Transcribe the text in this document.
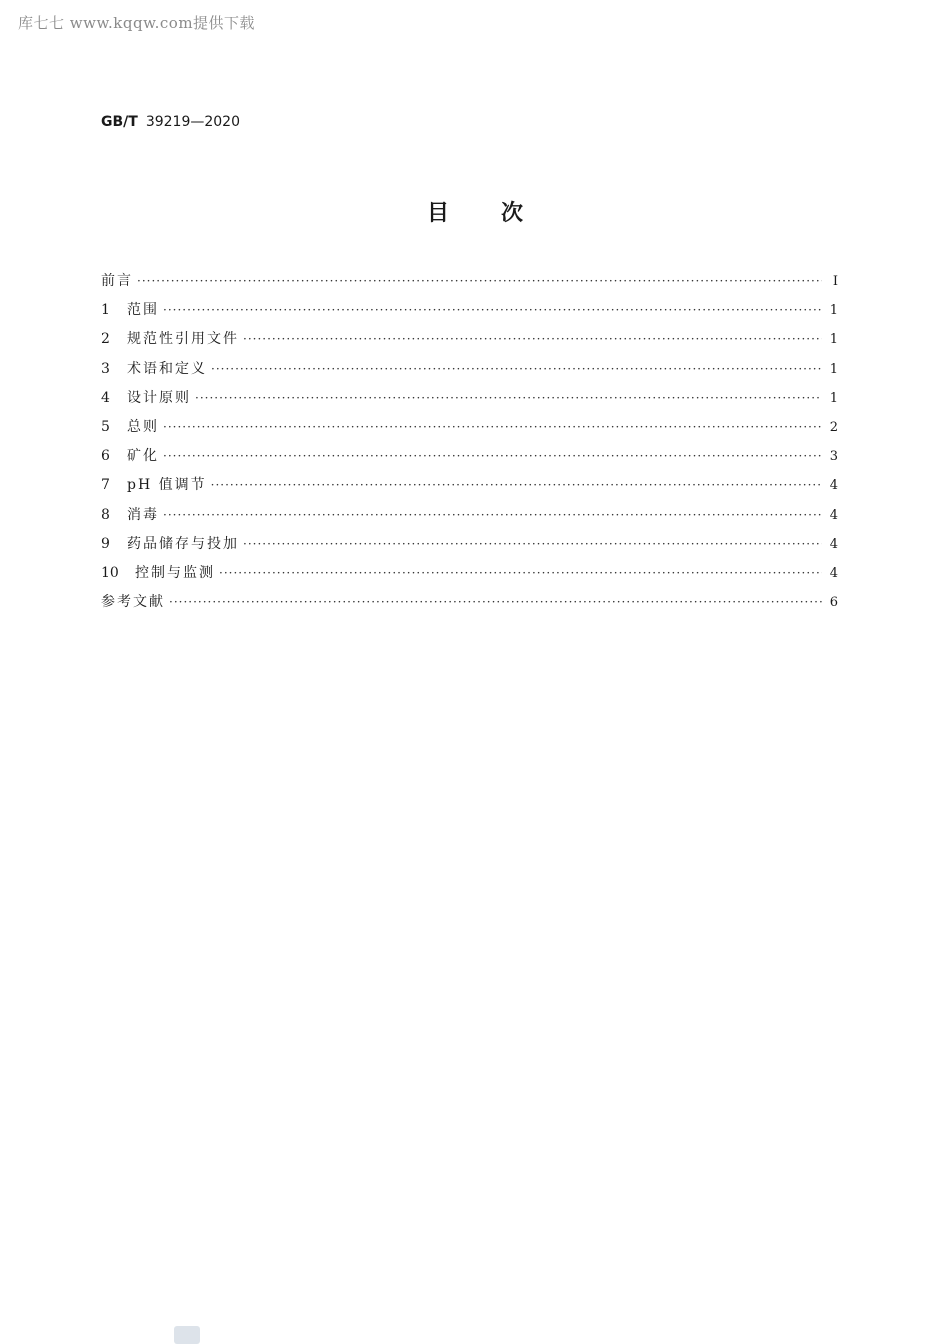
库七七 www.kqqw.com提供下载
GB/T 39219—2020
目次
前言 ·····	Ⅰ
1	范围 ·····	1
2	规范性引用文件 ·····	1
3	术语和定义 ·····	1
4	设计原则 ·····	1
5	总则 ·····	2
6	矿化 ·····	3
7	pH 值调节 ·····	4
8	消毒 ·····	4
9	药品储存与投加 ·····	4
10	控制与监测 ·····	4
参考文献 ·····	6
